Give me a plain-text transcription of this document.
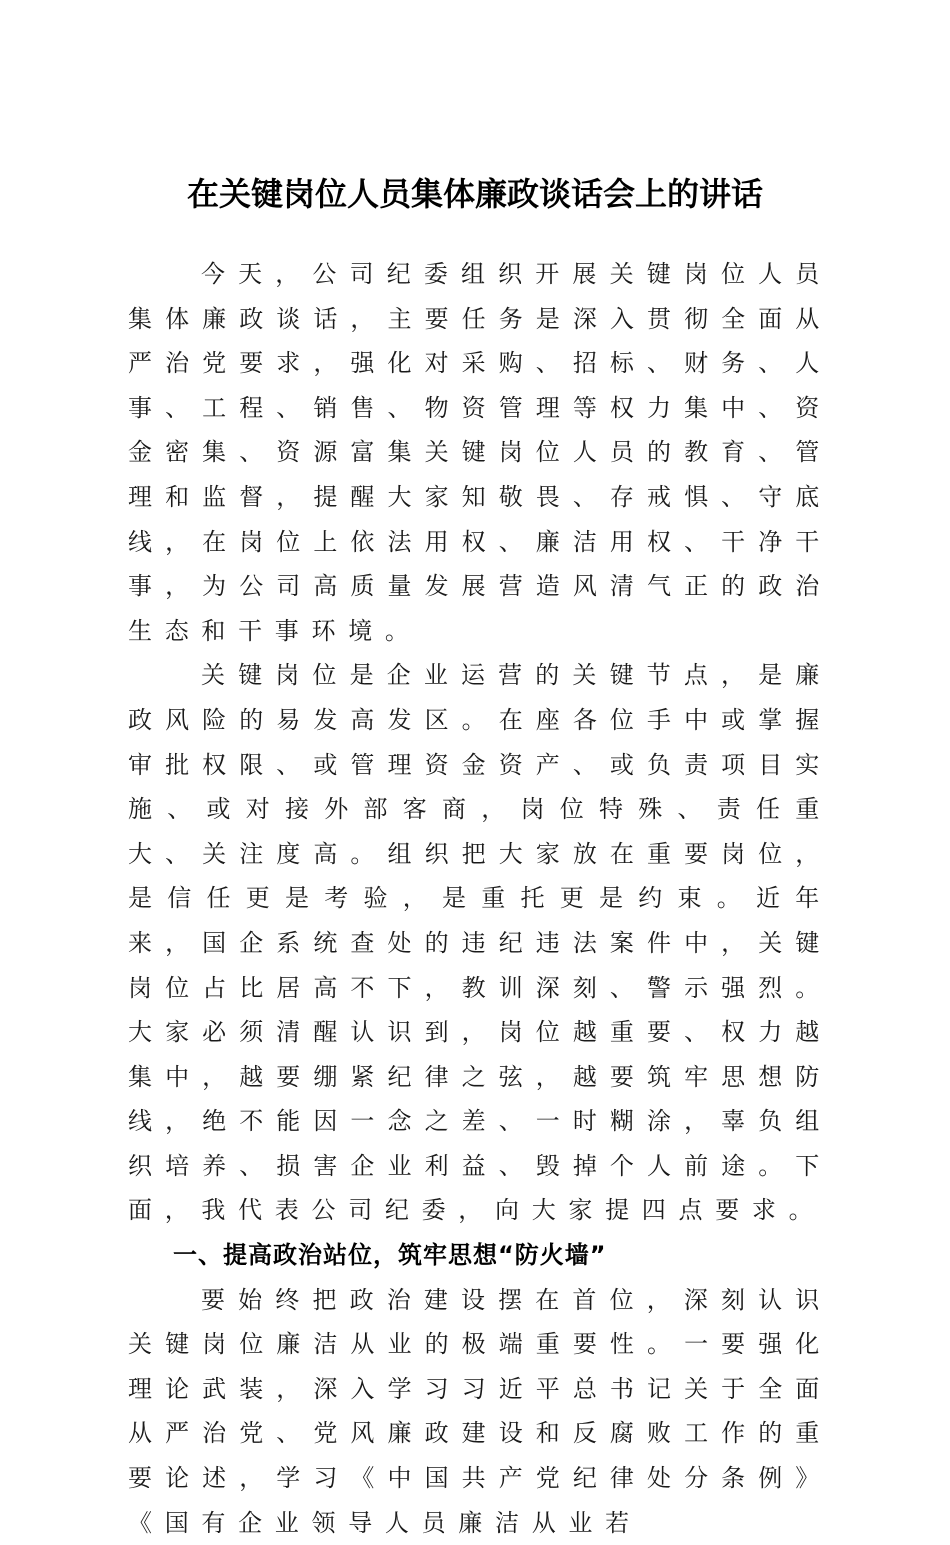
在关键岗位人员集体廉政谈话会上的讲话

今天，公司纪委组织开展关键岗位人员集体廉政谈话，主要任务是深入贯彻全面从严治党要求，强化对采购、招标、财务、人事、工程、销售、物资管理等权力集中、资金密集、资源富集关键岗位人员的教育、管理和监督，提醒大家知敬畏、存戒惧、守底线，在岗位上依法用权、廉洁用权、干净干事，为公司高质量发展营造风清气正的政治生态和干事环境。

关键岗位是企业运营的关键节点，是廉政风险的易发高发区。在座各位手中或掌握审批权限、或管理资金资产、或负责项目实施、或对接外部客商，岗位特殊、责任重大、关注度高。组织把大家放在重要岗位，是信任更是考验，是重托更是约束。近年来，国企系统查处的违纪违法案件中，关键岗位占比居高不下，教训深刻、警示强烈。大家必须清醒认识到，岗位越重要、权力越集中，越要绷紧纪律之弦，越要筑牢思想防线，绝不能因一念之差、一时糊涂，辜负组织培养、损害企业利益、毁掉个人前途。下面，我代表公司纪委，向大家提四点要求。

一、提高政治站位，筑牢思想“防火墙”

要始终把政治建设摆在首位，深刻认识关键岗位廉洁从业的极端重要性。一要强化理论武装，深入学习习近平总书记关于全面从严治党、党风廉政建设和反腐败工作的重要论述，学习《中国共产党纪律处分条例》《国有企业领导人员廉洁从业若
